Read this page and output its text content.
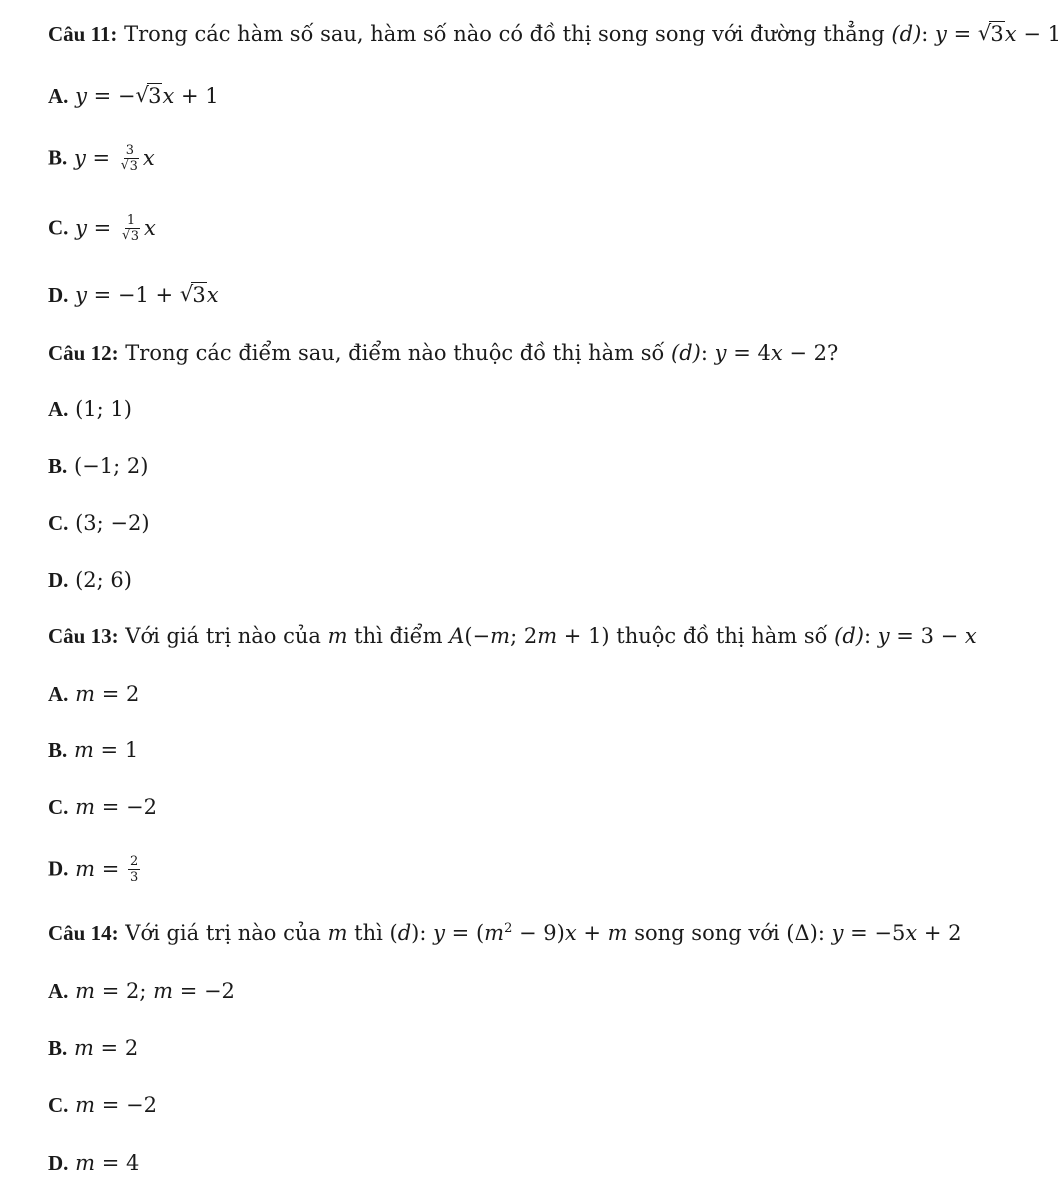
Câu 11: Trong các hàm số sau, hàm số nào có đồ thị song song với đường thẳng (d): y = √ 3x − 1
A. y = − √ 3x + 1
B. y = 3
√ 3 x
C. y = 1
√ 3 x
D. y = −1 + √ 3x
Câu 12: Trong các điểm sau, điểm nào thuộc đồ thị hàm số (d): y = 4x − 2?
A. (1; 1)
B. (−1; 2)
C. (3; −2)
D. (2; 6)
Câu 13: Với giá trị nào của m thì điểm A(−m; 2m + 1) thuộc đồ thị hàm số (d): y = 3 − x
A. m = 2
B. m = 1
C. m = −2
D. $m = \frac{2}{3}$
Câu 14: Với giá trị nào của m thì (d): $y = (m^2 - 9)x + m$ song song với (Δ): y = −5x + 2
A. m = 2; m = −2
B. m = 2
C. m = −2
D. m = 4
